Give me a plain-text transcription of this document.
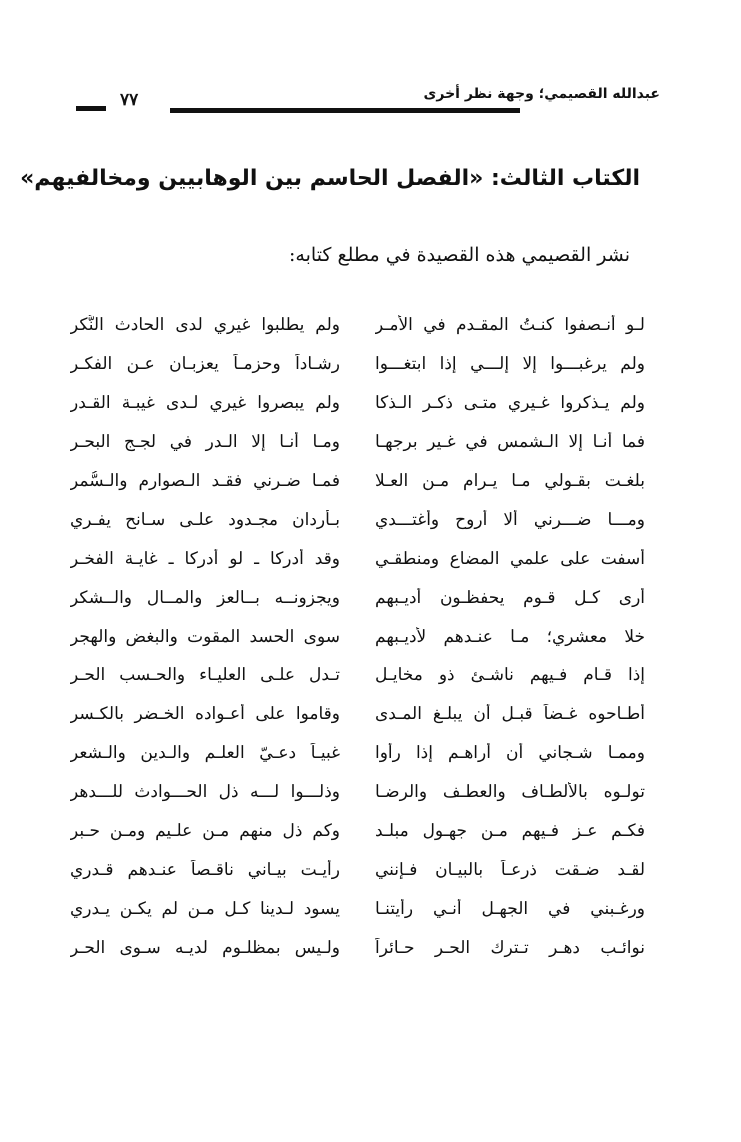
عبدالله القصيمي؛ وجهة نظر أخرى
٧٧
الكتاب الثالث: «الفصل الحاسم بين الوهابيين ومخالفيهم»
نشر القصيمي هذه القصيدة في مطلع كتابه:
لـو أنـصفوا كنـتُ المقـدم في الأمـر
ولم يطلبوا غيري لدى الحادث النُّكر
ولم يرغبـــوا إلا إلـــي إذا ابتغـــوا
رشـاداً وحزمـاً يعزبـان عـن الفكـر
ولم يـذكروا غـيري متـى ذكـر الـذكا
ولم يبصروا غيري لـدى غيبـة القـدر
فما أنـا إلا الـشمس في غـير برجهـا
ومـا أنـا إلا الـدر في لجـج البحـر
بلغـت بقـولي مـا يـرام مـن العـلا
فمـا ضـرني فقـد الـصوارم والـسُّمر
ومـــا ضـــرني ألا أروح وأغتـــدي
بـأردان مجـدود علـى سـانح يفـري
أسفت على علمي المضاع ومنطقـي
وقد أدركا ـ لو أدركا ـ غايـة الفخـر
أرى كـل قـوم يحفظـون أديـبهم
ويجزونــه بــالعز والمــال والــشكر
خلا معشري؛ مـا عنـدهم لأديـبهم
سوى الحسد المقوت والبغض والهجر
إذا قـام فـيهم ناشـئ ذو مخايـل
تـدل علـى العليـاء والحـسب الحـر
أطـاحوه غـضاً قبـل أن يبلـغ المـدى
وقاموا على أعـواده الخـضر بالكـسر
وممـا شـجاني أن أراهـم إذا رأوا
غبيـاً دعـيّ العلـم والـدين والـشعر
تولـوه بالألطـاف والعطـف والرضـا
وذلـــوا لـــه ذل الحـــوادث للـــدهر
فكـم عـز فـيهم مـن جهـول مبلـد
وكم ذل منهم مـن علـيم ومـن حـبر
لقـد ضـقت ذرعـاً بالبيـان فـإنني
رأيـت بيـاني ناقـصاً عنـدهم قـدري
ورغـبني في الجهـل أنـي رأيتنـا
يسود لـدينا كـل مـن لم يكـن يـدري
نوائـب دهـر تـترك الحـر حـائراً
ولـيس بمظلـوم لديـه سـوى الحـر
